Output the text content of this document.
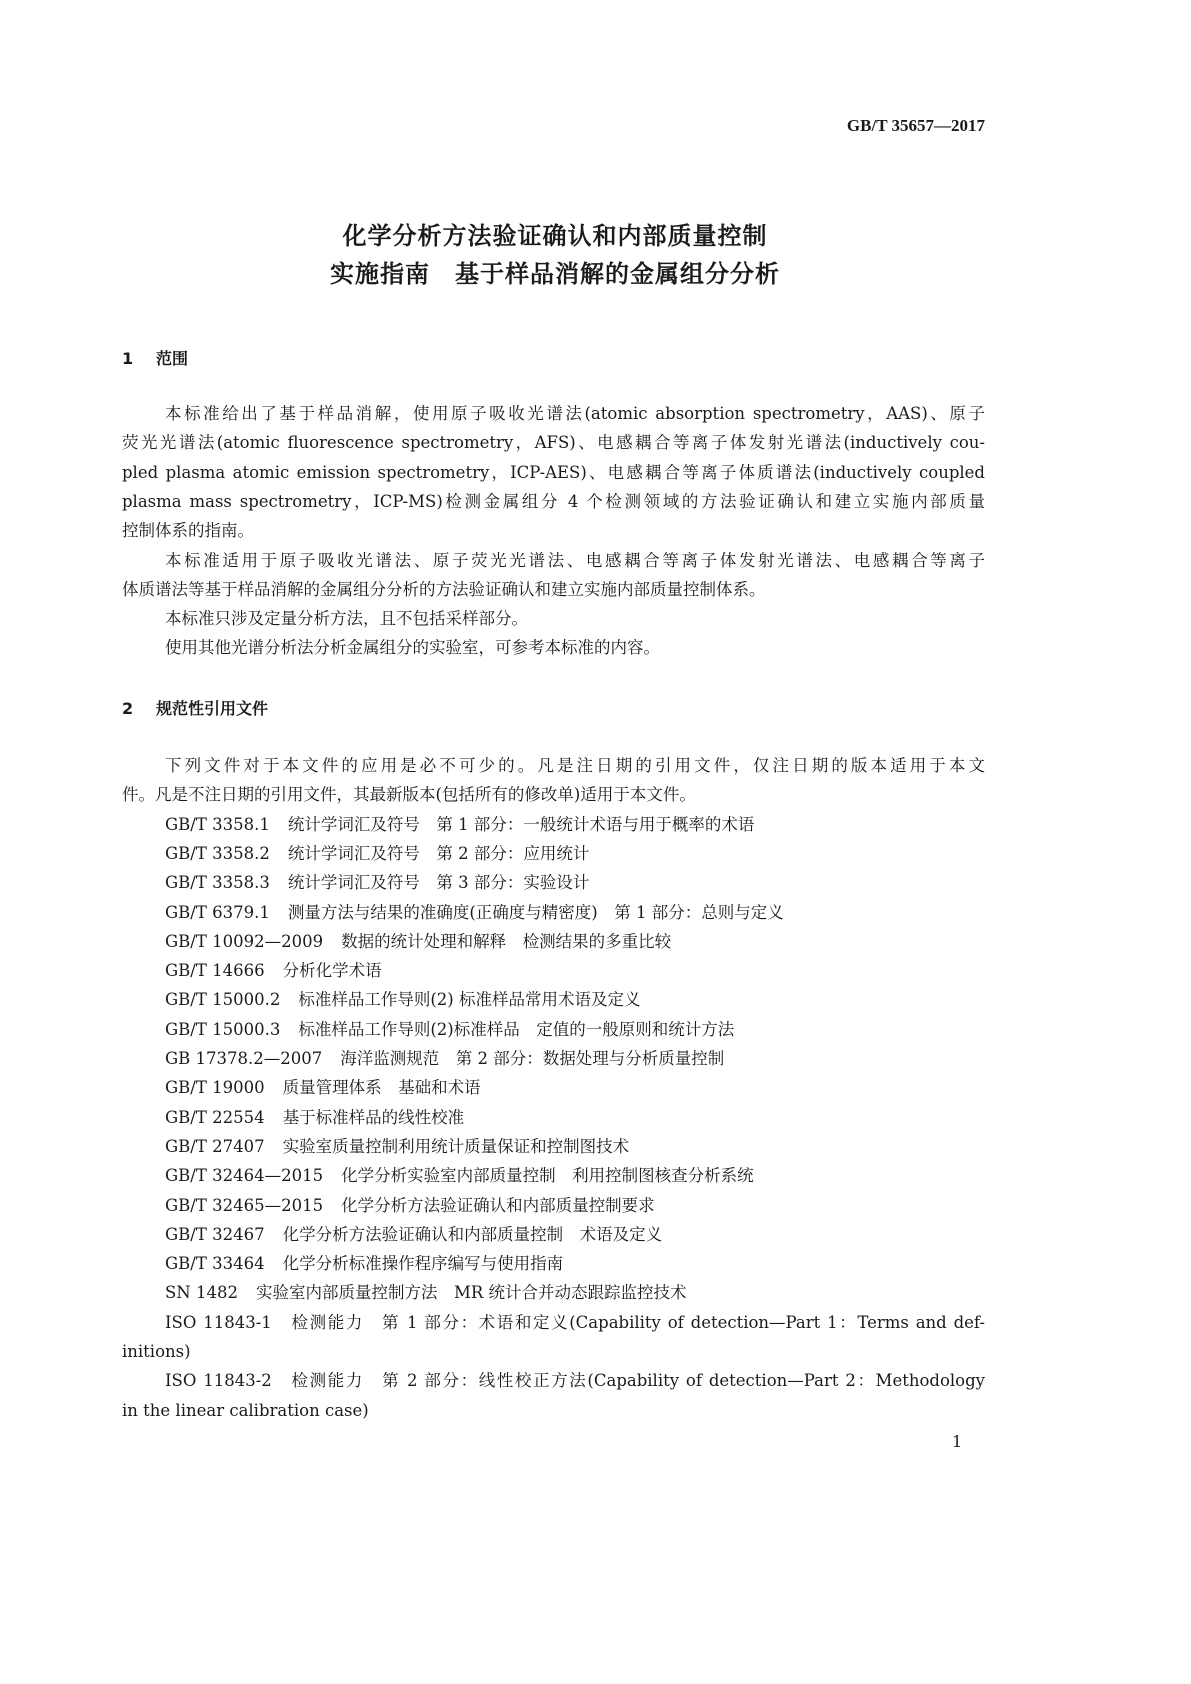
GB/T 35657—2017
化学分析方法验证确认和内部质量控制
实施指南　基于样品消解的金属组分分析
1 范围
本标准给出了基于样品消解，使用原子吸收光谱法(atomic absorption spectrometry，AAS)、原子
荧光光谱法(atomic fluorescence spectrometry，AFS)、电感耦合等离子体发射光谱法(inductively cou-
pled plasma atomic emission spectrometry，ICP-AES)、电感耦合等离子体质谱法(inductively coupled
plasma mass spectrometry，ICP-MS)检测金属组分 4 个检测领域的方法验证确认和建立实施内部质量
控制体系的指南。
本标准适用于原子吸收光谱法、原子荧光光谱法、电感耦合等离子体发射光谱法、电感耦合等离子
体质谱法等基于样品消解的金属组分分析的方法验证确认和建立实施内部质量控制体系。
本标准只涉及定量分析方法，且不包括采样部分。
使用其他光谱分析法分析金属组分的实验室，可参考本标准的内容。
2 规范性引用文件
下列文件对于本文件的应用是必不可少的。凡是注日期的引用文件，仅注日期的版本适用于本文
件。凡是不注日期的引用文件，其最新版本(包括所有的修改单)适用于本文件。
GB/T 3358.1 统计学词汇及符号　第 1 部分：一般统计术语与用于概率的术语
GB/T 3358.2 统计学词汇及符号　第 2 部分：应用统计
GB/T 3358.3 统计学词汇及符号　第 3 部分：实验设计
GB/T 6379.1 测量方法与结果的准确度(正确度与精密度)　第 1 部分：总则与定义
GB/T 10092—2009 数据的统计处理和解释　检测结果的多重比较
GB/T 14666 分析化学术语
GB/T 15000.2 标准样品工作导则(2) 标准样品常用术语及定义
GB/T 15000.3 标准样品工作导则(2)标准样品　定值的一般原则和统计方法
GB 17378.2—2007 海洋监测规范　第 2 部分：数据处理与分析质量控制
GB/T 19000 质量管理体系　基础和术语
GB/T 22554 基于标准样品的线性校准
GB/T 27407 实验室质量控制利用统计质量保证和控制图技术
GB/T 32464—2015 化学分析实验室内部质量控制　利用控制图核查分析系统
GB/T 32465—2015 化学分析方法验证确认和内部质量控制要求
GB/T 32467 化学分析方法验证确认和内部质量控制　术语及定义
GB/T 33464 化学分析标准操作程序编写与使用指南
SN 1482 实验室内部质量控制方法　MR 统计合并动态跟踪监控技术
ISO 11843-1　检测能力　第 1 部分：术语和定义(Capability of detection—Part 1：Terms and def-
initions)
ISO 11843-2　检测能力　第 2 部分：线性校正方法(Capability of detection—Part 2：Methodology
in the linear calibration case)
1
